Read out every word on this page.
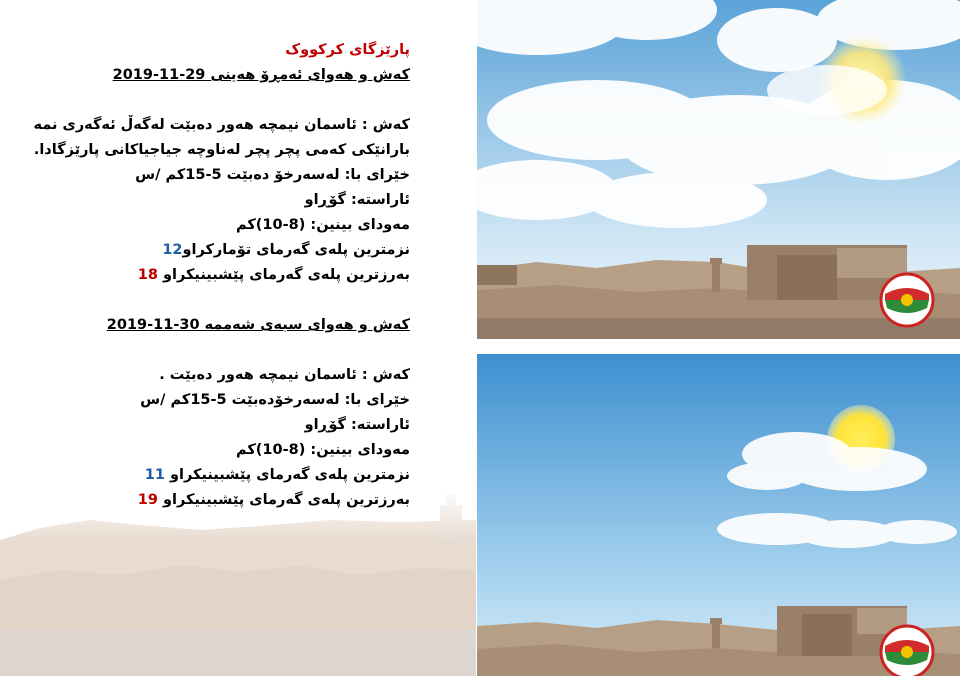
پارێزگای کرکووک
کەش و هەوای ئەمڕۆ هەینی 29-11-2019
کەش : ئاسمان نیمچە هەور دەبێت لەگەڵ ئەگەری نمە
بارانێکی کەمی پچر پچر لەناوچە جیاجیاکانی پارێزگادا.
خێرای با: لەسەرخۆ دەبێت 5-15کم /س
ئاراستە: گۆڕاو
مەودای بینین: (8-10)کم
نزمترین پلەی گەرمای تۆمارکراو12
بەرزترین پلەی گەرمای پێشبینیکراو 18
کەش و هەوای سبەی شەممە 30-11-2019
کەش : ئاسمان نیمچە هەور دەبێت .
خێرای با: لەسەرخۆدەبێت 5-15کم /س
ئاراستە: گۆڕاو
مەودای بینین: (8-10)کم
نزمترین پلەی گەرمای پێشبینیکراو 11
بەرزترین پلەی گەرمای پێشبینیکراو 19
